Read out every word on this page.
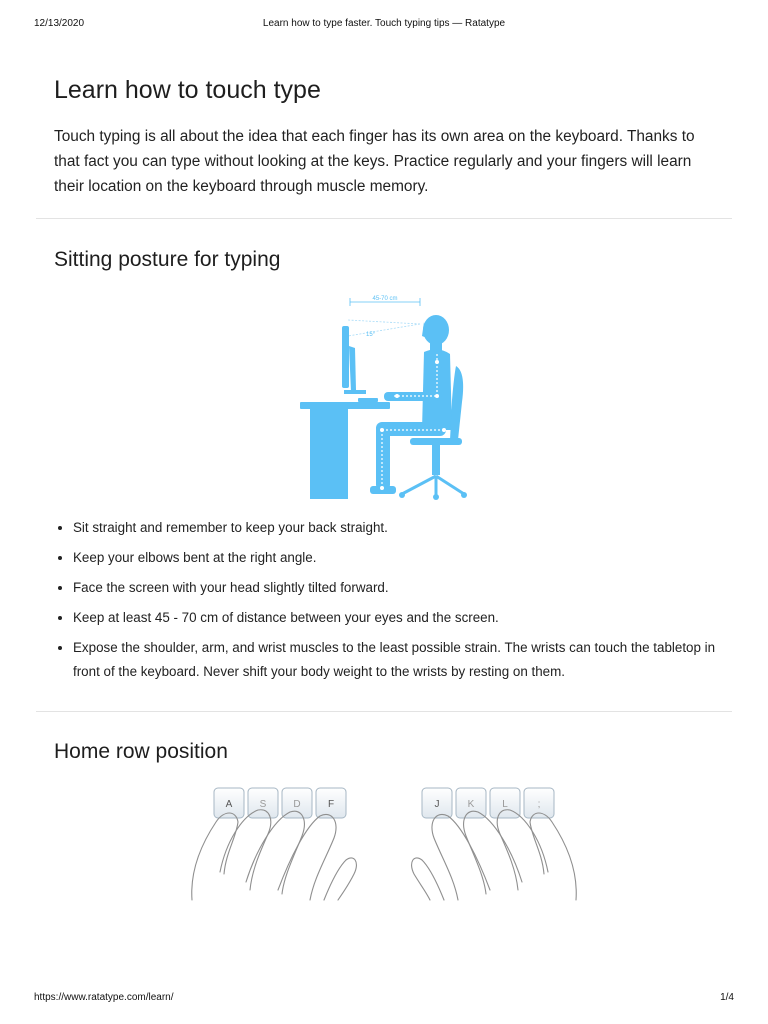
12/13/2020	Learn how to type faster. Touch typing tips — Ratatype
Learn how to touch type

Touch typing is all about the idea that each finger has its own area on the keyboard. Thanks to that fact you can type without looking at the keys. Practice regularly and your fingers will learn their location on the keyboard through muscle memory.

Sitting posture for typing
• Sit straight and remember to keep your back straight.
• Keep your elbows bent at the right angle.
• Face the screen with your head slightly tilted forward.
• Keep at least 45 - 70 cm of distance between your eyes and the screen.
• Expose the shoulder, arm, and wrist muscles to the least possible strain. The wrists can touch the tabletop in front of the keyboard. Never shift your body weight to the wrists by resting on them.
Home row position
45-70 cm
15°
A	S	D	F	J	K	L	;
https://www.ratatype.com/learn/	1/4
